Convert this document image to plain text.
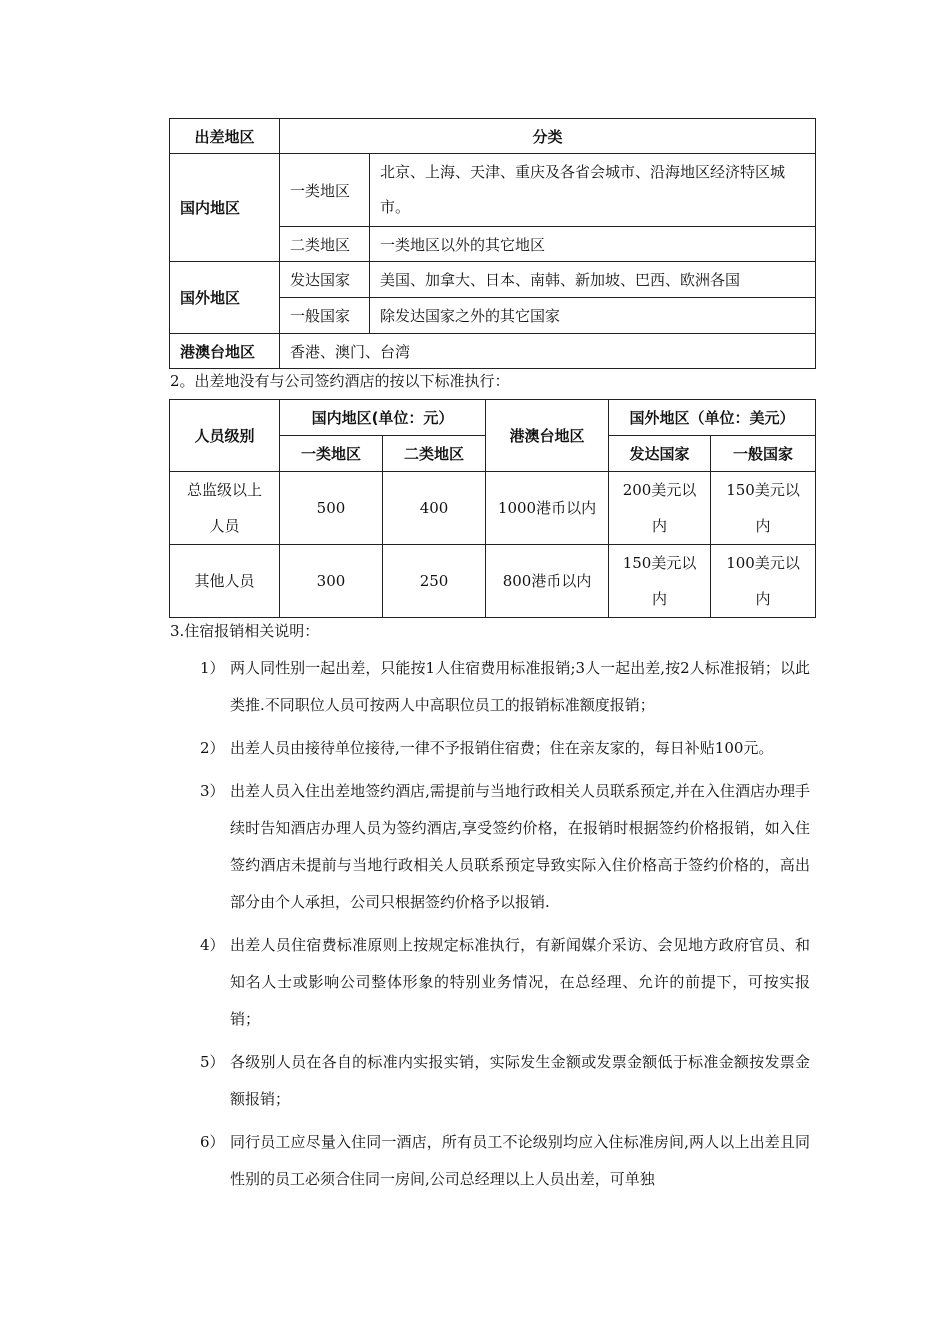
出差地区	分类	
国内地区	一类地区	北京、上海、天津、重庆及各省会城市、沿海地区经济特区城市。
	二类地区	一类地区以外的其它地区
国外地区	发达国家	美国、加拿大、日本、南韩、新加坡、巴西、欧洲各国
	一般国家	除发达国家之外的其它国家
港澳台地区	香港、澳门、台湾	
2。出差地没有与公司签约酒店的按以下标准执行：
人员级别	国内地区(单位：元）		港澳台地区	国外地区（单位：美元）	
	一类地区	二类地区		发达国家	一般国家
总监级以上人员	500	400	1000港币以内	200美元以内	150美元以内
其他人员	300	250	800港币以内	150美元以内	100美元以内
3.住宿报销相关说明：
1） 两人同性别一起出差，只能按1人住宿费用标准报销;3人一起出差,按2人标准报销；以此类推.不同职位人员可按两人中高职位员工的报销标准额度报销；
2） 出差人员由接待单位接待,一律不予报销住宿费；住在亲友家的，每日补贴100元。
3） 出差人员入住出差地签约酒店,需提前与当地行政相关人员联系预定,并在入住酒店办理手续时告知酒店办理人员为签约酒店,享受签约价格，在报销时根据签约价格报销，如入住签约酒店未提前与当地行政相关人员联系预定导致实际入住价格高于签约价格的，高出部分由个人承担，公司只根据签约价格予以报销.
4） 出差人员住宿费标准原则上按规定标准执行，有新闻媒介采访、会见地方政府官员、和知名人士或影响公司整体形象的特别业务情况，在总经理、允许的前提下，可按实报销；
5） 各级别人员在各自的标准内实报实销，实际发生金额或发票金额低于标准金额按发票金额报销；
6） 同行员工应尽量入住同一酒店，所有员工不论级别均应入住标准房间,两人以上出差且同性别的员工必须合住同一房间,公司总经理以上人员出差，可单独
